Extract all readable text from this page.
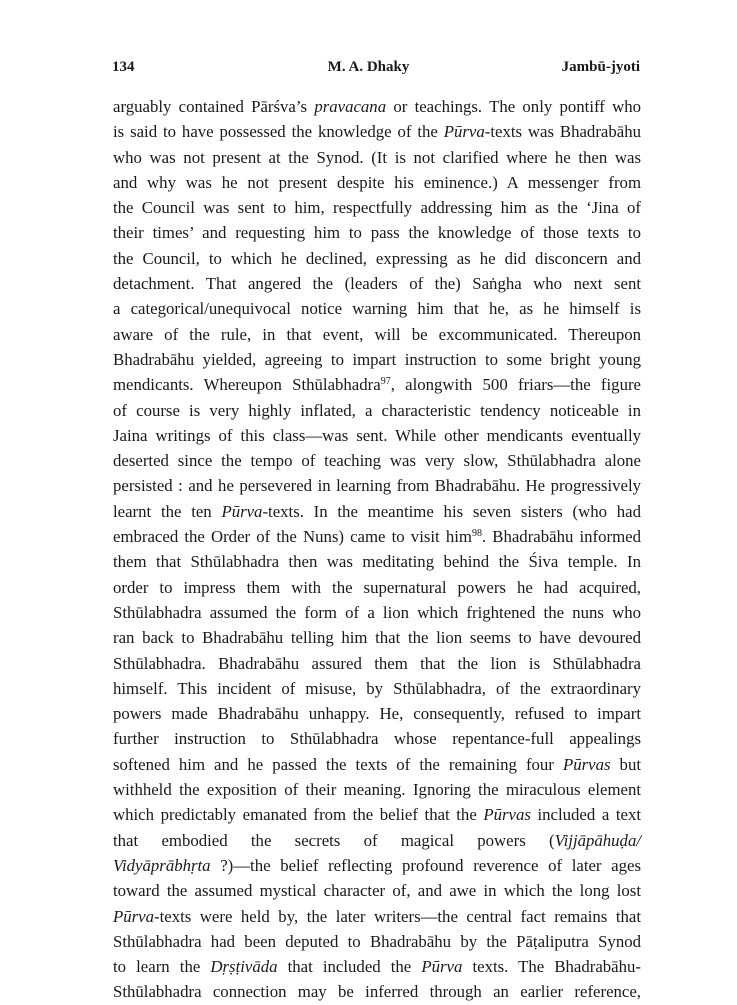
134	M. A. Dhaky	Jambū-jyoti
arguably contained Pārśva’s pravacana or teachings. The only pontiff who
is said to have possessed the knowledge of the Pūrva-texts was Bhadrabāhu
who was not present at the Synod. (It is not clarified where he then was
and why was he not present despite his eminence.) A messenger from
the Council was sent to him, respectfully addressing him as the ‘Jina of
their times’ and requesting him to pass the knowledge of those texts to
the Council, to which he declined, expressing as he did disconcern and
detachment. That angered the (leaders of the) Saṅgha who next sent
a categorical/unequivocal notice warning him that he, as he himself is
aware of the rule, in that event, will be excommunicated. Thereupon
Bhadrabāhu yielded, agreeing to impart instruction to some bright young
mendicants. Whereupon Sthūlabhadra$^{97}$, alongwith 500 friars—the figure
of course is very highly inflated, a characteristic tendency noticeable in
Jaina writings of this class—was sent. While other mendicants eventually
deserted since the tempo of teaching was very slow, Sthūlabhadra alone
persisted : and he persevered in learning from Bhadrabāhu. He progressively
learnt the ten Pūrva-texts. In the meantime his seven sisters (who had
embraced the Order of the Nuns) came to visit him$^{98}$. Bhadrabāhu informed
them that Sthūlabhadra then was meditating behind the Śiva temple. In
order to impress them with the supernatural powers he had acquired,
Sthūlabhadra assumed the form of a lion which frightened the nuns who
ran back to Bhadrabāhu telling him that the lion seems to have devoured
Sthūlabhadra. Bhadrabāhu assured them that the lion is Sthūlabhadra
himself. This incident of misuse, by Sthūlabhadra, of the extraordinary
powers made Bhadrabāhu unhappy. He, consequently, refused to impart
further instruction to Sthūlabhadra whose repentance-full appealings
softened him and he passed the texts of the remaining four Pūrvas but
withheld the exposition of their meaning. Ignoring the miraculous element
which predictably emanated from the belief that the Pūrvas included a text
that embodied the secrets of magical powers (Vijjāpāhuḍa/
Vidyāprābhṛta ?)—the belief reflecting profound reverence of later ages
toward the assumed mystical character of, and awe in which the long lost
Pūrva-texts were held by, the later writers—the central fact remains that
Sthūlabhadra had been deputed to Bhadrabāhu by the Pāṭaliputra Synod
to learn the Dṛṣṭivāda that included the Pūrva texts. The Bhadrabāhu-
Sthūlabhadra connection may be inferred through an earlier reference,
